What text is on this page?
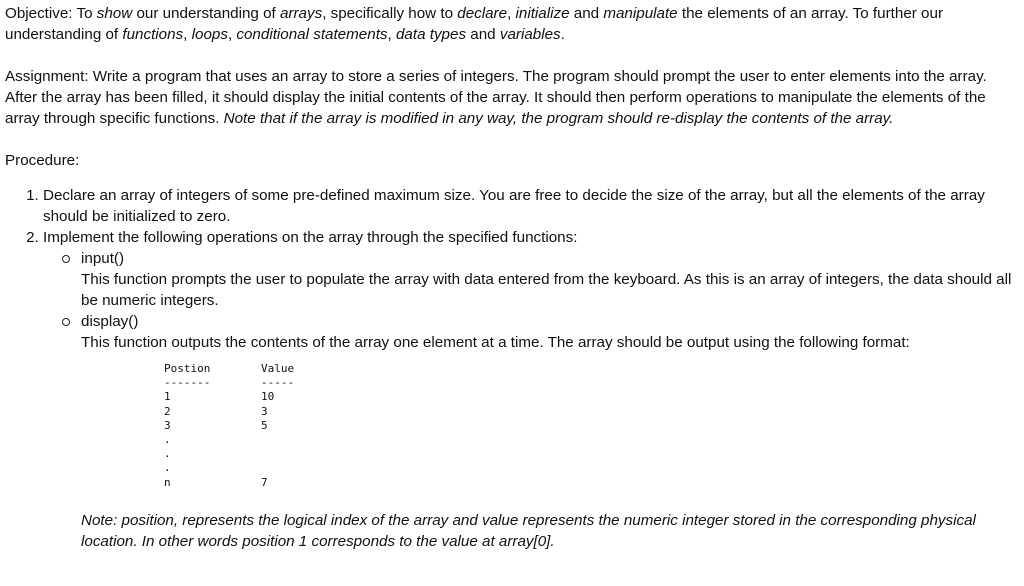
Objective: To show our understanding of arrays, specifically how to declare, initialize and manipulate the elements of an array. To further our understanding of functions, loops, conditional statements, data types and variables.

Assignment: Write a program that uses an array to store a series of integers. The program should prompt the user to enter elements into the array. After the array has been filled, it should display the initial contents of the array. It should then perform operations to manipulate the elements of the array through specific functions. Note that if the array is modified in any way, the program should re-display the contents of the array.

Procedure:

1. Declare an array of integers of some pre-defined maximum size. You are free to decide the size of the array, but all the elements of the array should be initialized to zero.
2. Implement the following operations on the array through the specified functions:
input()
This function prompts the user to populate the array with data entered from the keyboard. As this is an array of integers, the data should all be numeric integers.
display()
This function outputs the contents of the array one element at a time. The array should be output using the following format:
Postion	Value
-------	-----
1	10
2	3
3	5
.
.
.
n	7

Note: position, represents the logical index of the array and value represents the numeric integer stored in the corresponding physical location. In other words position 1 corresponds to the value at array[0].
